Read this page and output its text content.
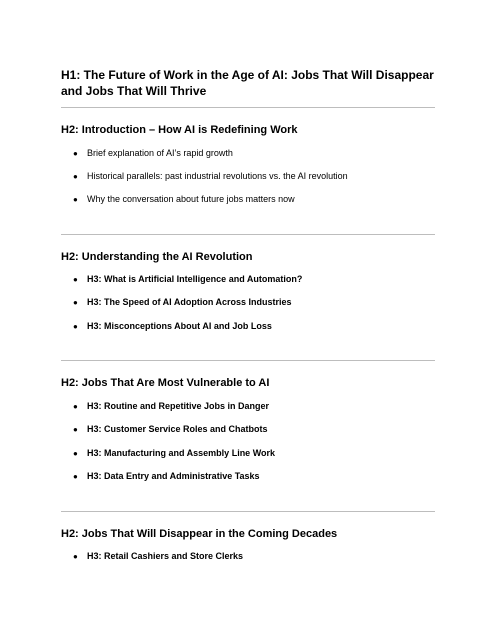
H1: The Future of Work in the Age of AI: Jobs That Will Disappear and Jobs That Will Thrive
H2: Introduction – How AI is Redefining Work
● Brief explanation of AI’s rapid growth
● Historical parallels: past industrial revolutions vs. the AI revolution
● Why the conversation about future jobs matters now
H2: Understanding the AI Revolution
● H3: What is Artificial Intelligence and Automation?
● H3: The Speed of AI Adoption Across Industries
● H3: Misconceptions About AI and Job Loss
H2: Jobs That Are Most Vulnerable to AI
● H3: Routine and Repetitive Jobs in Danger
● H3: Customer Service Roles and Chatbots
● H3: Manufacturing and Assembly Line Work
● H3: Data Entry and Administrative Tasks
H2: Jobs That Will Disappear in the Coming Decades
● H3: Retail Cashiers and Store Clerks
